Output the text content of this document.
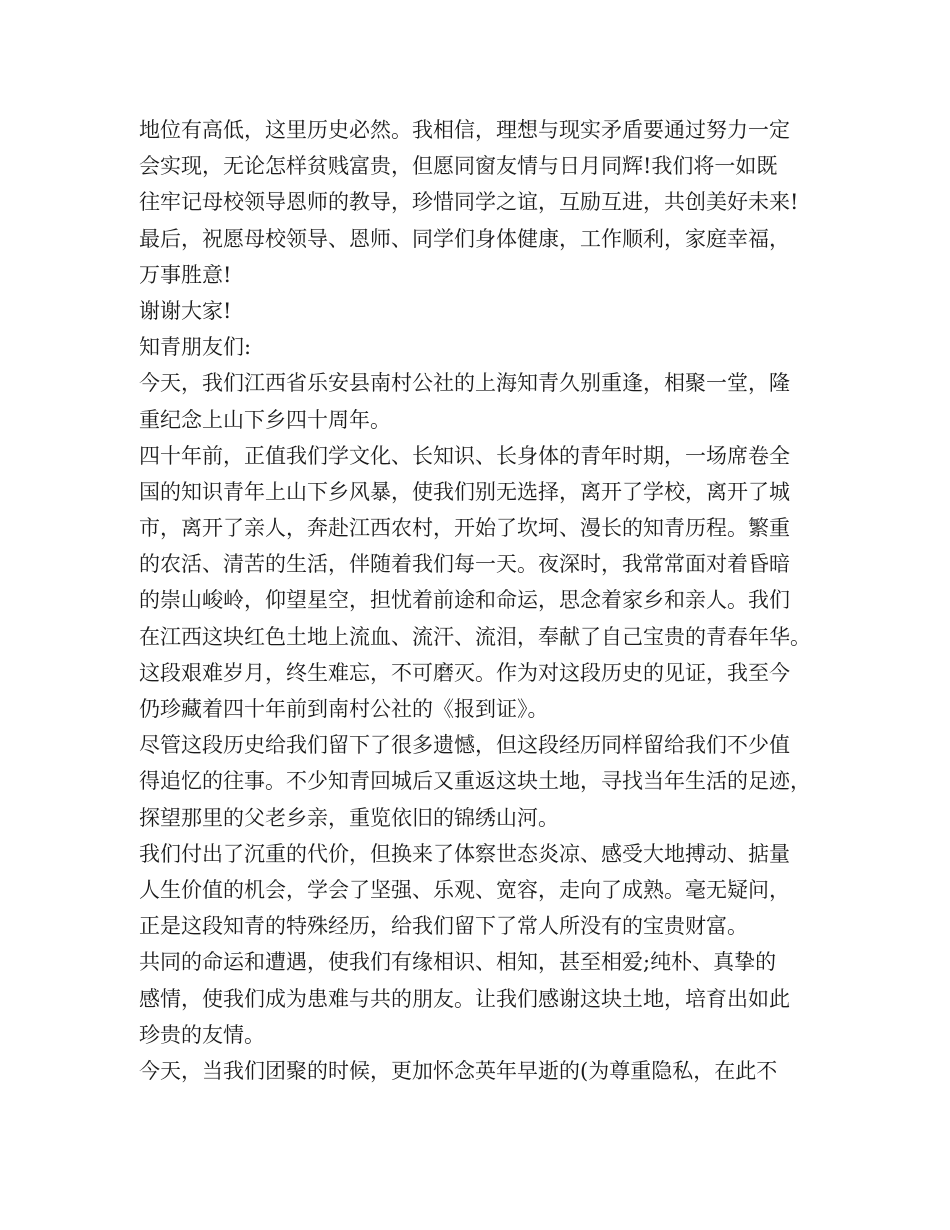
地位有高低，这里历史必然。我相信，理想与现实矛盾要通过努力一定
会实现，无论怎样贫贱富贵，但愿同窗友情与日月同辉!我们将一如既
往牢记母校领导恩师的教导，珍惜同学之谊，互励互进，共创美好未来!
最后，祝愿母校领导、恩师、同学们身体健康，工作顺利，家庭幸福，
万事胜意!
谢谢大家!
知青朋友们:
今天，我们江西省乐安县南村公社的上海知青久别重逢，相聚一堂，隆
重纪念上山下乡四十周年。
四十年前，正值我们学文化、长知识、长身体的青年时期，一场席卷全
国的知识青年上山下乡风暴，使我们别无选择，离开了学校，离开了城
市，离开了亲人，奔赴江西农村，开始了坎坷、漫长的知青历程。繁重
的农活、清苦的生活，伴随着我们每一天。夜深时，我常常面对着昏暗
的崇山峻岭，仰望星空，担忧着前途和命运，思念着家乡和亲人。我们
在江西这块红色土地上流血、流汗、流泪，奉献了自己宝贵的青春年华。
这段艰难岁月，终生难忘，不可磨灭。作为对这段历史的见证，我至今
仍珍藏着四十年前到南村公社的《报到证》。
尽管这段历史给我们留下了很多遗憾，但这段经历同样留给我们不少值
得追忆的往事。不少知青回城后又重返这块土地，寻找当年生活的足迹，
探望那里的父老乡亲，重览依旧的锦绣山河。
我们付出了沉重的代价，但换来了体察世态炎凉、感受大地搏动、掂量
人生价值的机会，学会了坚强、乐观、宽容，走向了成熟。毫无疑问，
正是这段知青的特殊经历，给我们留下了常人所没有的宝贵财富。
共同的命运和遭遇，使我们有缘相识、相知，甚至相爱;纯朴、真挚的
感情，使我们成为患难与共的朋友。让我们感谢这块土地，培育出如此
珍贵的友情。
今天，当我们团聚的时候，更加怀念英年早逝的(为尊重隐私，在此不
